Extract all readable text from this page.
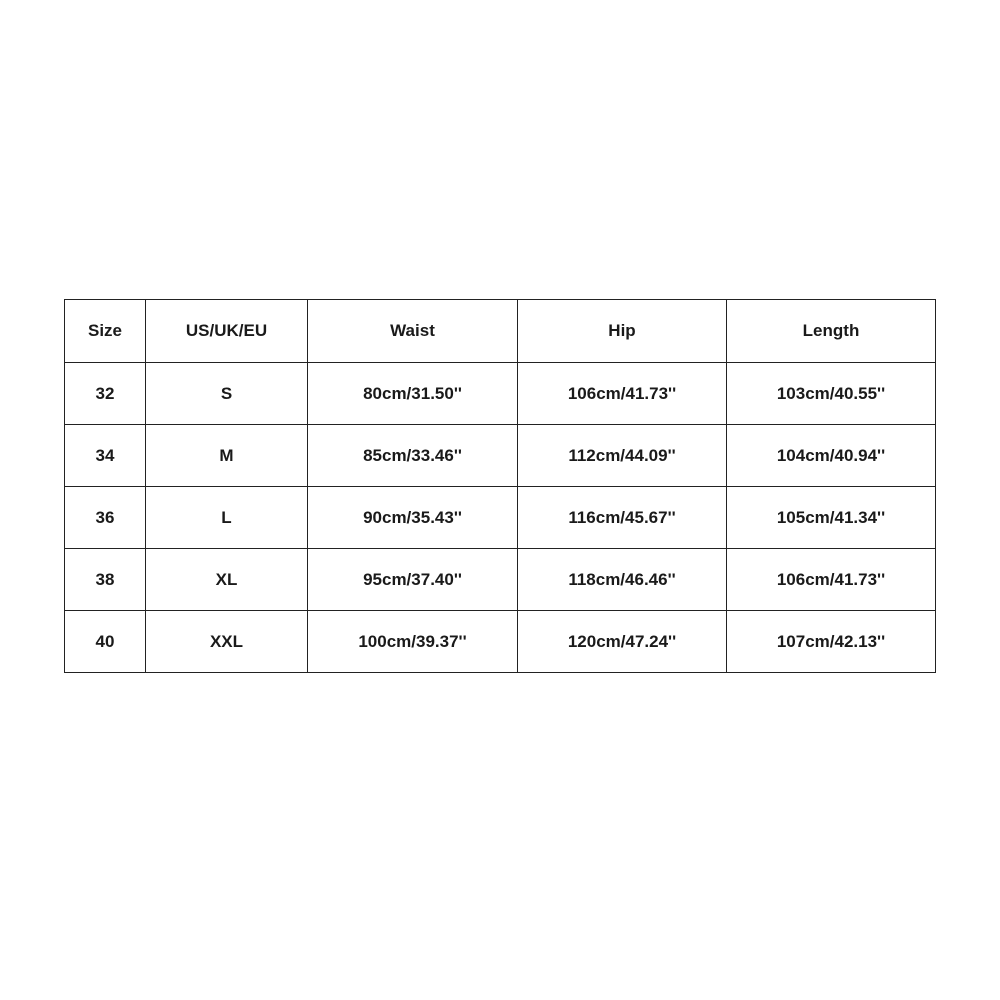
Size	US/UK/EU	Waist	Hip	Length
32	S	80cm/31.50''	106cm/41.73''	103cm/40.55''
34	M	85cm/33.46''	112cm/44.09''	104cm/40.94''
36	L	90cm/35.43''	116cm/45.67''	105cm/41.34''
38	XL	95cm/37.40''	118cm/46.46''	106cm/41.73''
40	XXL	100cm/39.37''	120cm/47.24''	107cm/42.13''
